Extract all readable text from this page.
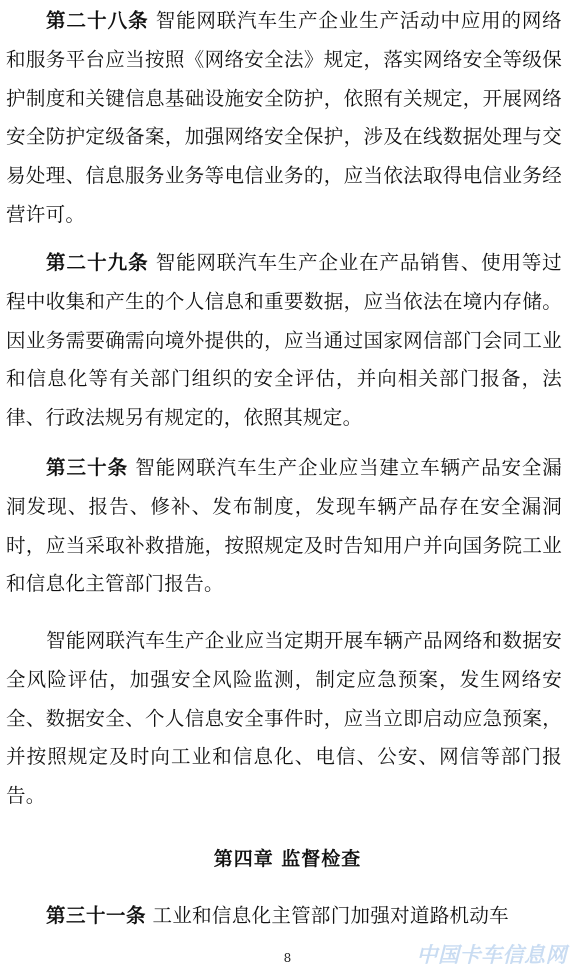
第二十八条 智能网联汽车生产企业生产活动中应用的网络和服务平台应当按照《网络安全法》规定，落实网络安全等级保护制度和关键信息基础设施安全防护，依照有关规定，开展网络安全防护定级备案，加强网络安全保护，涉及在线数据处理与交易处理、信息服务业务等电信业务的，应当依法取得电信业务经营许可。

第二十九条 智能网联汽车生产企业在产品销售、使用等过程中收集和产生的个人信息和重要数据，应当依法在境内存储。因业务需要确需向境外提供的，应当通过国家网信部门会同工业和信息化等有关部门组织的安全评估，并向相关部门报备，法律、行政法规另有规定的，依照其规定。

第三十条 智能网联汽车生产企业应当建立车辆产品安全漏洞发现、报告、修补、发布制度，发现车辆产品存在安全漏洞时，应当采取补救措施，按照规定及时告知用户并向国务院工业和信息化主管部门报告。

智能网联汽车生产企业应当定期开展车辆产品网络和数据安全风险评估，加强安全风险监测，制定应急预案，发生网络安全、数据安全、个人信息安全事件时，应当立即启动应急预案，并按照规定及时向工业和信息化、电信、公安、网信等部门报告。

第四章 监督检查

第三十一条 工业和信息化主管部门加强对道路机动车

8	中国卡车信息网
